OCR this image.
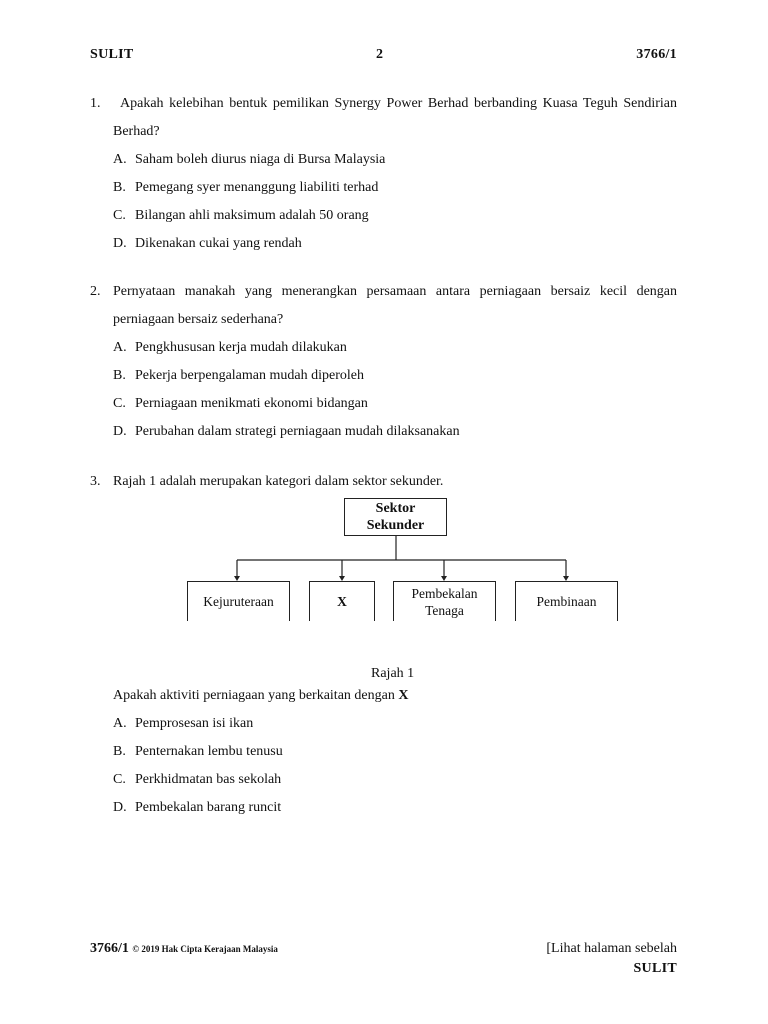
SULIT	2	3766/1
1.	Apakah kelebihan bentuk pemilikan Synergy Power Berhad berbanding Kuasa Teguh Sendirian Berhad?
A. Saham boleh diurus niaga di Bursa Malaysia
B. Pemegang syer menanggung liabiliti terhad
C. Bilangan ahli maksimum adalah 50 orang
D. Dikenakan cukai yang rendah
2. Pernyataan manakah yang menerangkan persamaan antara perniagaan bersaiz kecil dengan perniagaan bersaiz sederhana?
A. Pengkhususan kerja mudah dilakukan
B. Pekerja berpengalaman mudah diperoleh
C. Perniagaan menikmati ekonomi bidangan
D. Perubahan dalam strategi perniagaan mudah dilaksanakan
3. Rajah 1 adalah merupakan kategori dalam sektor sekunder.
Sektor
Sekunder
Kejuruteraan	X
Pembekalan
Tenaga
Pembinaan
Rajah 1
Apakah aktiviti perniagaan yang berkaitan dengan X
A. Pemprosesan isi ikan
B. Penternakan lembu tenusu
C. Perkhidmatan bas sekolah
D. Pembekalan barang runcit
3766/1 © 2019 Hak Cipta Kerajaan Malaysia	[Lihat halaman sebelah
SULIT
